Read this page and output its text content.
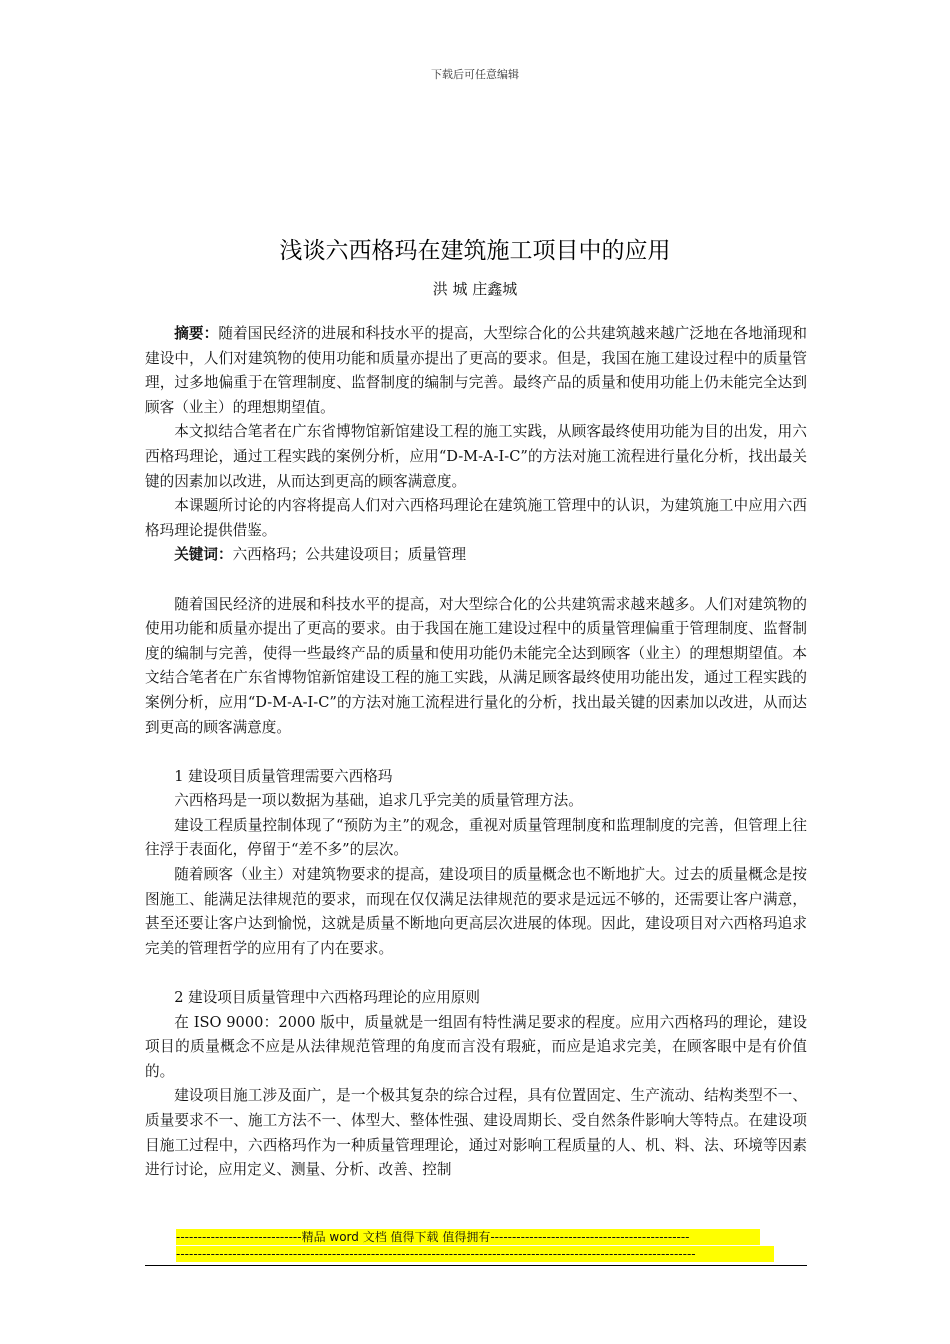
下载后可任意编辑
浅谈六西格玛在建筑施工项目中的应用
洪 城 庄鑫城

摘要：随着国民经济的进展和科技水平的提高，大型综合化的公共建筑越来越广泛地在各地涌现和建设中，人们对建筑物的使用功能和质量亦提出了更高的要求。但是，我国在施工建设过程中的质量管理，过多地偏重于在管理制度、监督制度的编制与完善。最终产品的质量和使用功能上仍未能完全达到顾客（业主）的理想期望值。

本文拟结合笔者在广东省博物馆新馆建设工程的施工实践，从顾客最终使用功能为目的出发，用六西格玛理论，通过工程实践的案例分析，应用“D-M-A-I-C”的方法对施工流程进行量化分析，找出最关键的因素加以改进，从而达到更高的顾客满意度。

本课题所讨论的内容将提高人们对六西格玛理论在建筑施工管理中的认识，为建筑施工中应用六西格玛理论提供借鉴。

关键词：六西格玛；公共建设项目；质量管理

随着国民经济的进展和科技水平的提高，对大型综合化的公共建筑需求越来越多。人们对建筑物的使用功能和质量亦提出了更高的要求。由于我国在施工建设过程中的质量管理偏重于管理制度、监督制度的编制与完善，使得一些最终产品的质量和使用功能仍未能完全达到顾客（业主）的理想期望值。本文结合笔者在广东省博物馆新馆建设工程的施工实践，从满足顾客最终使用功能出发，通过工程实践的案例分析，应用“D-M-A-I-C”的方法对施工流程进行量化的分析，找出最关键的因素加以改进，从而达到更高的顾客满意度。

1 建设项目质量管理需要六西格玛

六西格玛是一项以数据为基础，追求几乎完美的质量管理方法。

建设工程质量控制体现了“预防为主”的观念，重视对质量管理制度和监理制度的完善，但管理上往往浮于表面化，停留于“差不多”的层次。

随着顾客（业主）对建筑物要求的提高，建设项目的质量概念也不断地扩大。过去的质量概念是按图施工、能满足法律规范的要求，而现在仅仅满足法律规范的要求是远远不够的，还需要让客户满意，甚至还要让客户达到愉悦，这就是质量不断地向更高层次进展的体现。因此，建设项目对六西格玛追求完美的管理哲学的应用有了内在要求。

2 建设项目质量管理中六西格玛理论的应用原则

在 ISO 9000：2000 版中，质量就是一组固有特性满足要求的程度。应用六西格玛的理论，建设项目的质量概念不应是从法律规范管理的角度而言没有瑕疵，而应是追求完美，在顾客眼中是有价值的。

建设项目施工涉及面广，是一个极其复杂的综合过程，具有位置固定、生产流动、结构类型不一、质量要求不一、施工方法不一、体型大、整体性强、建设周期长、受自然条件影响大等特点。在建设项目施工过程中，六西格玛作为一种质量管理理论，通过对影响工程质量的人、机、料、法、环境等因素进行讨论，应用定义、测量、分析、改善、控制

-----------------------------精品 word 文档 值得下载 值得拥有----------------------------------------------
------------------------------------------------------------------------------------------------------------------------
